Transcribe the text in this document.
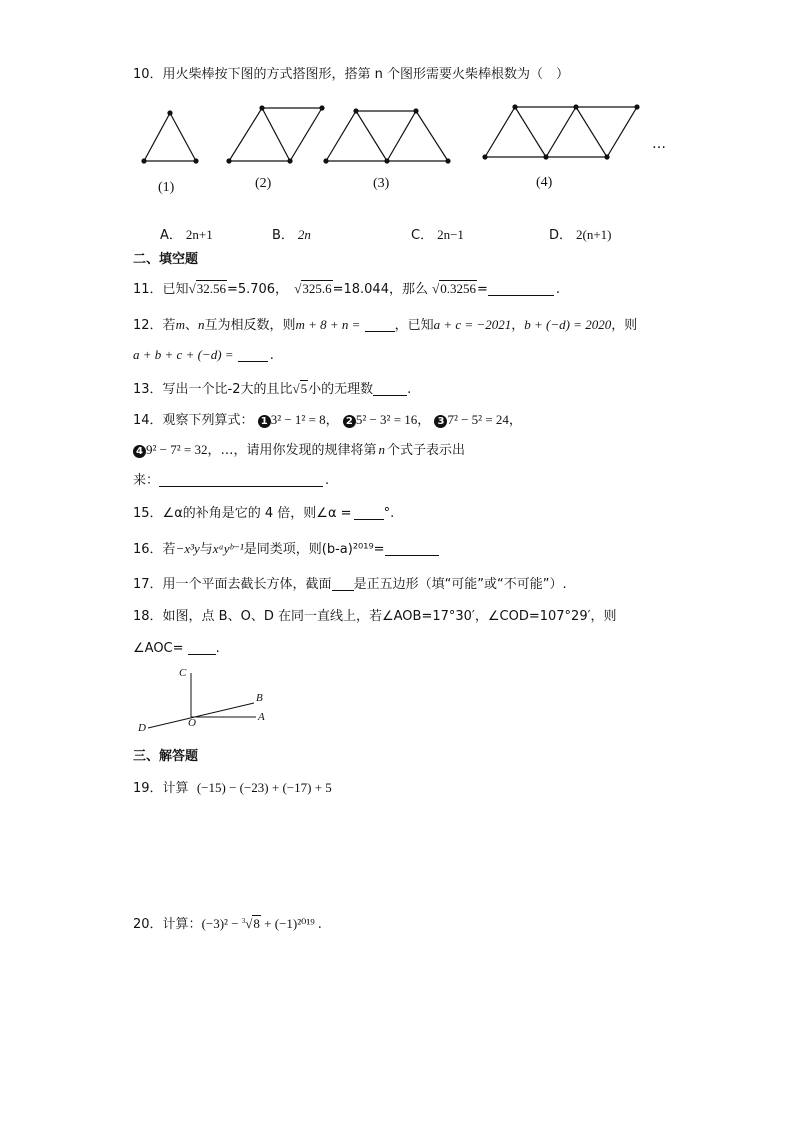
10．用火柴棒按下图的方式搭图形，搭第 n 个图形需要火柴棒根数为（　）
(1)	(2)	(3)	(4)
…
A． 2n+1	B． 2n	C． 2n−1	D． 2(n+1)
二、填空题
11．已知√32.56=5.706， √325.6=18.044，那么 √0.3256=	.
12．若m、n互为相反数，则m + 8 + n =	，已知a + c = −2021，b + (−d) = 2020，则
a + b + c + (−d) =	.
13．写出一个比-2大的且比√5小的无理数	.
14．观察下列算式： 1 3² − 1² = 8， 2 5² − 3² = 16， 3 7² − 5² = 24，
4 9² − 7² = 32，…，请用你发现的规律将第 n 个式子表示出
来：	.
15．∠α的补角是它的 4 倍，则∠α = °.
16．若−x³y与xᵃyᵇ⁻¹是同类项，则(b-a)²⁰¹⁹=
17．用一个平面去截长方体，截面 是正五边形（填“可能”或“不可能”）.
18．如图，点 B、O、D 在同一直线上，若∠AOB=17°30′，∠COD=107°29′，则
∠AOC= .
C
B
A
D	O
三、解答题
19．计算 (−15) − (−23) + (−17) + 5
20．计算：(−3)² − $^3$√8 + (−1)²⁰¹⁹ .
